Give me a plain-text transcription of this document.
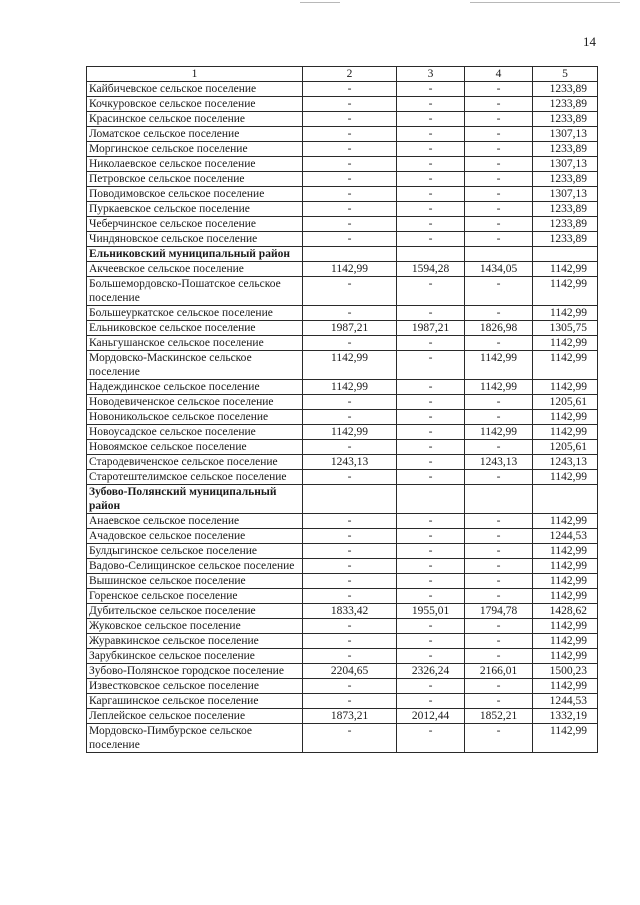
14
1	2	3	4	5
Кайбичевское сельское поселение	-	-	-	1233,89
Кочкуровское сельское поселение	-	-	-	1233,89
Красинское сельское поселение	-	-	-	1233,89
Ломатское сельское поселение	-	-	-	1307,13
Моргинское сельское поселение	-	-	-	1233,89
Николаевское сельское поселение	-	-	-	1307,13
Петровское сельское поселение	-	-	-	1233,89
Поводимовское сельское поселение	-	-	-	1307,13
Пуркаевское сельское поселение	-	-	-	1233,89
Чеберчинское сельское поселение	-	-	-	1233,89
Чиндяновское сельское поселение	-	-	-	1233,89
Ельниковский муниципальный район				
Акчеевское сельское поселение	1142,99	1594,28	1434,05	1142,99
Большемордовско-Пошатское сельское поселение	-	-	-	1142,99
Большеуркатское сельское поселение	-	-	-	1142,99
Ельниковское сельское поселение	1987,21	1987,21	1826,98	1305,75
Каньгушанское сельское поселение	-	-	-	1142,99
Мордовско-Маскинское сельское поселение	1142,99	-	1142,99	1142,99
Надеждинское сельское поселение	1142,99	-	1142,99	1142,99
Новодевиченское сельское поселение	-	-	-	1205,61
Новоникольское сельское поселение	-	-	-	1142,99
Новоусадское сельское поселение	1142,99	-	1142,99	1142,99
Новоямское сельское поселение	-	-	-	1205,61
Стародевиченское сельское поселение	1243,13	-	1243,13	1243,13
Старотештелимское сельское поселение	-	-	-	1142,99
Зубово-Полянский муниципальный район				
Анаевское сельское поселение	-	-	-	1142,99
Ачадовское сельское поселение	-	-	-	1244,53
Булдыгинское сельское поселение	-	-	-	1142,99
Вадово-Селищинское сельское поселение	-	-	-	1142,99
Вышинское сельское поселение	-	-	-	1142,99
Горенское сельское поселение	-	-	-	1142,99
Дубительское сельское поселение	1833,42	1955,01	1794,78	1428,62
Жуковское сельское поселение	-	-	-	1142,99
Журавкинское сельское поселение	-	-	-	1142,99
Зарубкинское сельское поселение	-	-	-	1142,99
Зубово-Полянское городское поселение	2204,65	2326,24	2166,01	1500,23
Известковское сельское поселение	-	-	-	1142,99
Каргашинское сельское поселение	-	-	-	1244,53
Леплейское сельское поселение	1873,21	2012,44	1852,21	1332,19
Мордовско-Пимбурское сельское поселение	-	-	-	1142,99
